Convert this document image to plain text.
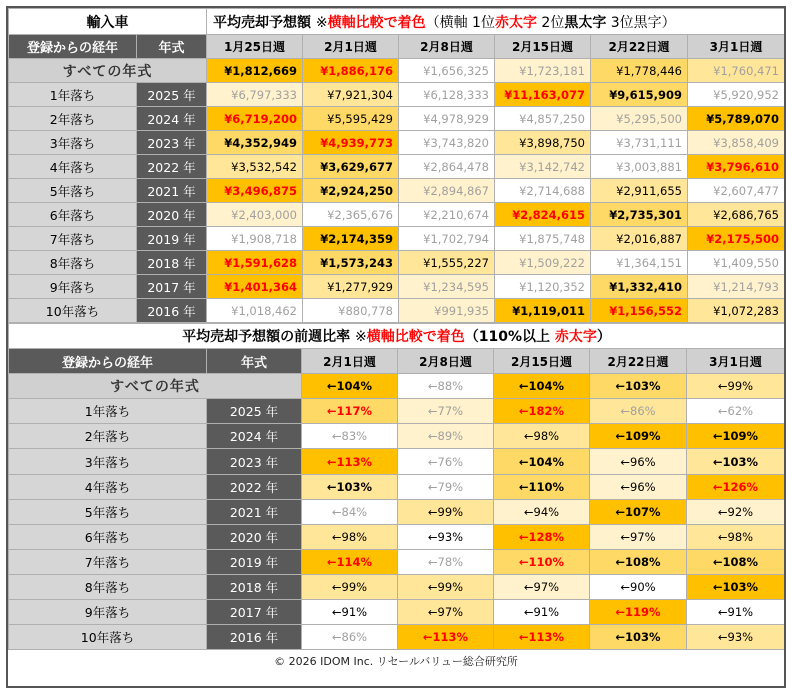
輸入車		平均売却予想額 ※横軸比較で着色（横軸 1位赤太字 2位黒太字 3位黒字）					
登録からの経年	年式	1月25日週	2月1日週	2月8日週	2月15日週	2月22日週	3月1日週
すべての年式		¥1,812,669	¥1,886,176	¥1,656,325	¥1,723,181	¥1,778,446	¥1,760,471
1年落ち	2025 年	¥6,797,333	¥7,921,304	¥6,128,333	¥11,163,077	¥9,615,909	¥5,920,952
2年落ち	2024 年	¥6,719,200	¥5,595,429	¥4,978,929	¥4,857,250	¥5,295,500	¥5,789,070
3年落ち	2023 年	¥4,352,949	¥4,939,773	¥3,743,820	¥3,898,750	¥3,731,111	¥3,858,409
4年落ち	2022 年	¥3,532,542	¥3,629,677	¥2,864,478	¥3,142,742	¥3,003,881	¥3,796,610
5年落ち	2021 年	¥3,496,875	¥2,924,250	¥2,894,867	¥2,714,688	¥2,911,655	¥2,607,477
6年落ち	2020 年	¥2,403,000	¥2,365,676	¥2,210,674	¥2,824,615	¥2,735,301	¥2,686,765
7年落ち	2019 年	¥1,908,718	¥2,174,359	¥1,702,794	¥1,875,748	¥2,016,887	¥2,175,500
8年落ち	2018 年	¥1,591,628	¥1,573,243	¥1,555,227	¥1,509,222	¥1,364,151	¥1,409,550
9年落ち	2017 年	¥1,401,364	¥1,277,929	¥1,234,595	¥1,120,352	¥1,332,410	¥1,214,793
10年落ち	2016 年	¥1,018,462	¥880,778	¥991,935	¥1,119,011	¥1,156,552	¥1,072,283
平均売却予想額の前週比率 ※横軸比較で着色（110%以上 赤太字）						
登録からの経年	年式	2月1日週	2月8日週	2月15日週	2月22日週	3月1日週
すべての年式		←104%	←88%	←104%	←103%	←99%
1年落ち	2025 年	←117%	←77%	←182%	←86%	←62%
2年落ち	2024 年	←83%	←89%	←98%	←109%	←109%
3年落ち	2023 年	←113%	←76%	←104%	←96%	←103%
4年落ち	2022 年	←103%	←79%	←110%	←96%	←126%
5年落ち	2021 年	←84%	←99%	←94%	←107%	←92%
6年落ち	2020 年	←98%	←93%	←128%	←97%	←98%
7年落ち	2019 年	←114%	←78%	←110%	←108%	←108%
8年落ち	2018 年	←99%	←99%	←97%	←90%	←103%
9年落ち	2017 年	←91%	←97%	←91%	←119%	←91%
10年落ち	2016 年	←86%	←113%	←113%	←103%	←93%
© 2026 IDOM Inc. リセールバリュー総合研究所
